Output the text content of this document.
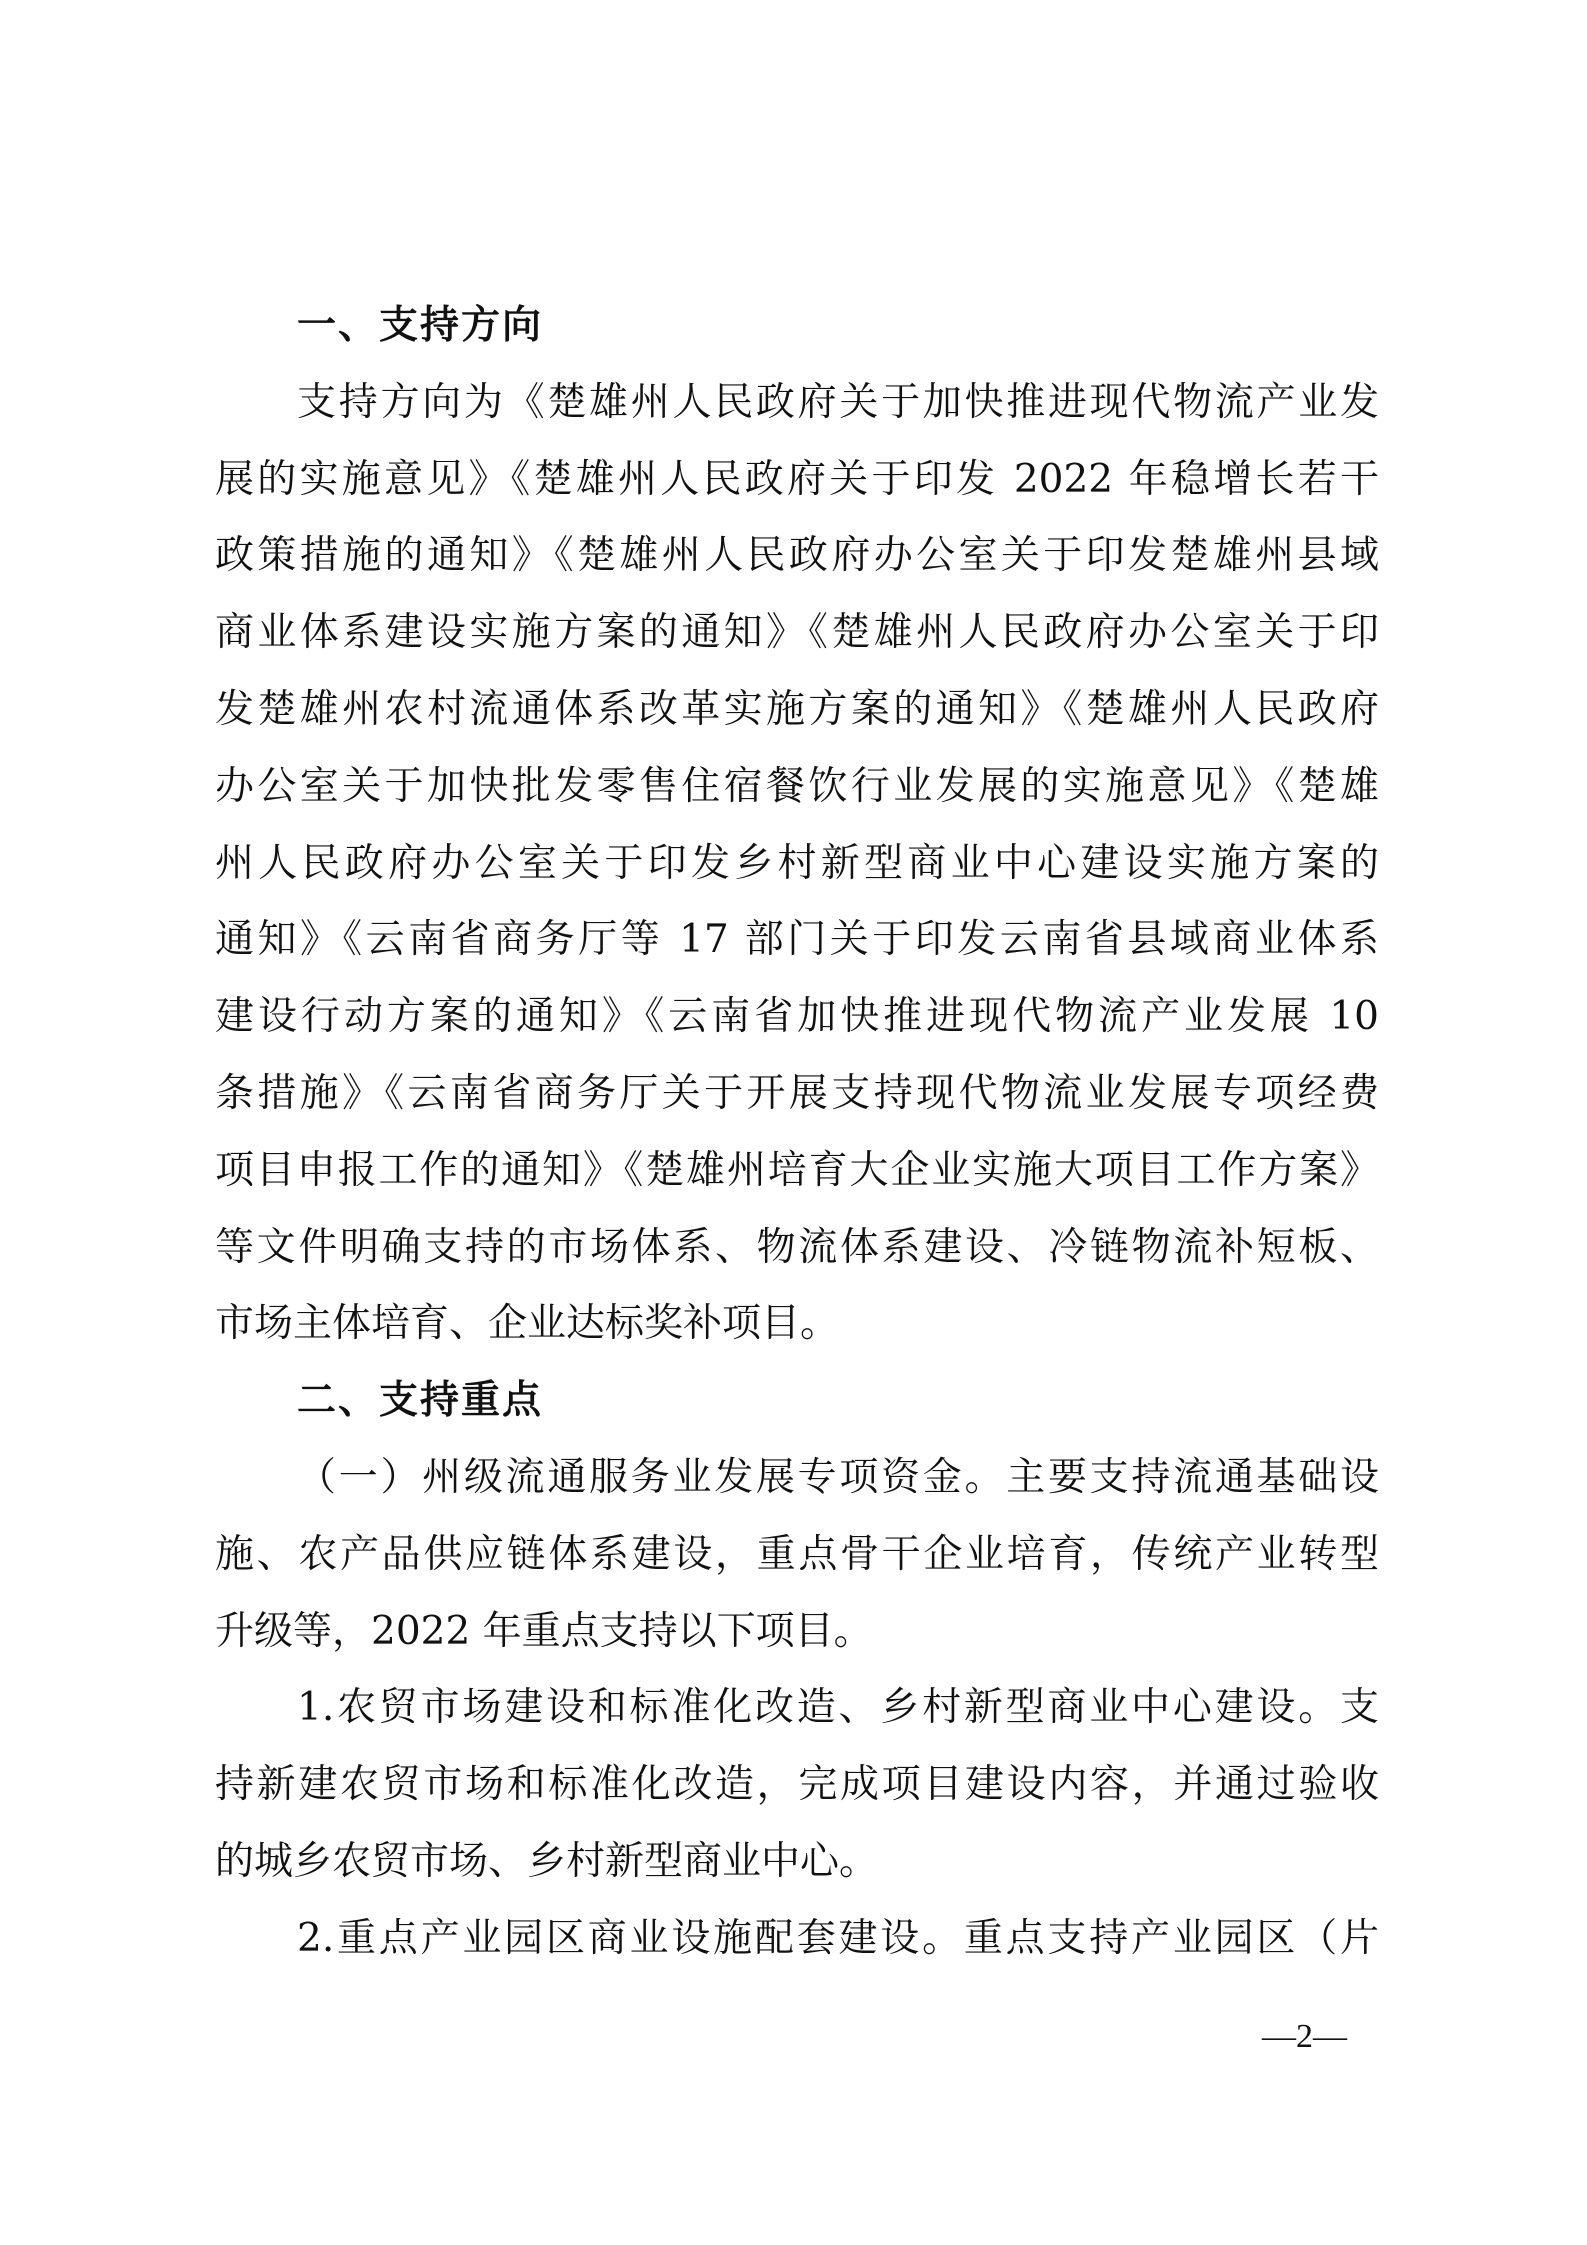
一、支持方向
支持方向为《楚雄州人民政府关于加快推进现代物流产业发
展的实施意见》《楚雄州人民政府关于印发 2022 年稳增长若干
政策措施的通知》《楚雄州人民政府办公室关于印发楚雄州县域
商业体系建设实施方案的通知》《楚雄州人民政府办公室关于印
发楚雄州农村流通体系改革实施方案的通知》《楚雄州人民政府
办公室关于加快批发零售住宿餐饮行业发展的实施意见》《楚雄
州人民政府办公室关于印发乡村新型商业中心建设实施方案的
通知》《云南省商务厅等 17 部门关于印发云南省县域商业体系
建设行动方案的通知》《云南省加快推进现代物流产业发展 10
条措施》《云南省商务厅关于开展支持现代物流业发展专项经费
项目申报工作的通知》《楚雄州培育大企业实施大项目工作方案》
等文件明确支持的市场体系、物流体系建设、冷链物流补短板、
市场主体培育、企业达标奖补项目。
二、支持重点
（一）州级流通服务业发展专项资金。主要支持流通基础设
施、农产品供应链体系建设，重点骨干企业培育，传统产业转型
升级等，2022 年重点支持以下项目。
1.农贸市场建设和标准化改造、乡村新型商业中心建设。支
持新建农贸市场和标准化改造，完成项目建设内容，并通过验收
的城乡农贸市场、乡村新型商业中心。
2.重点产业园区商业设施配套建设。重点支持产业园区（片
—2—
